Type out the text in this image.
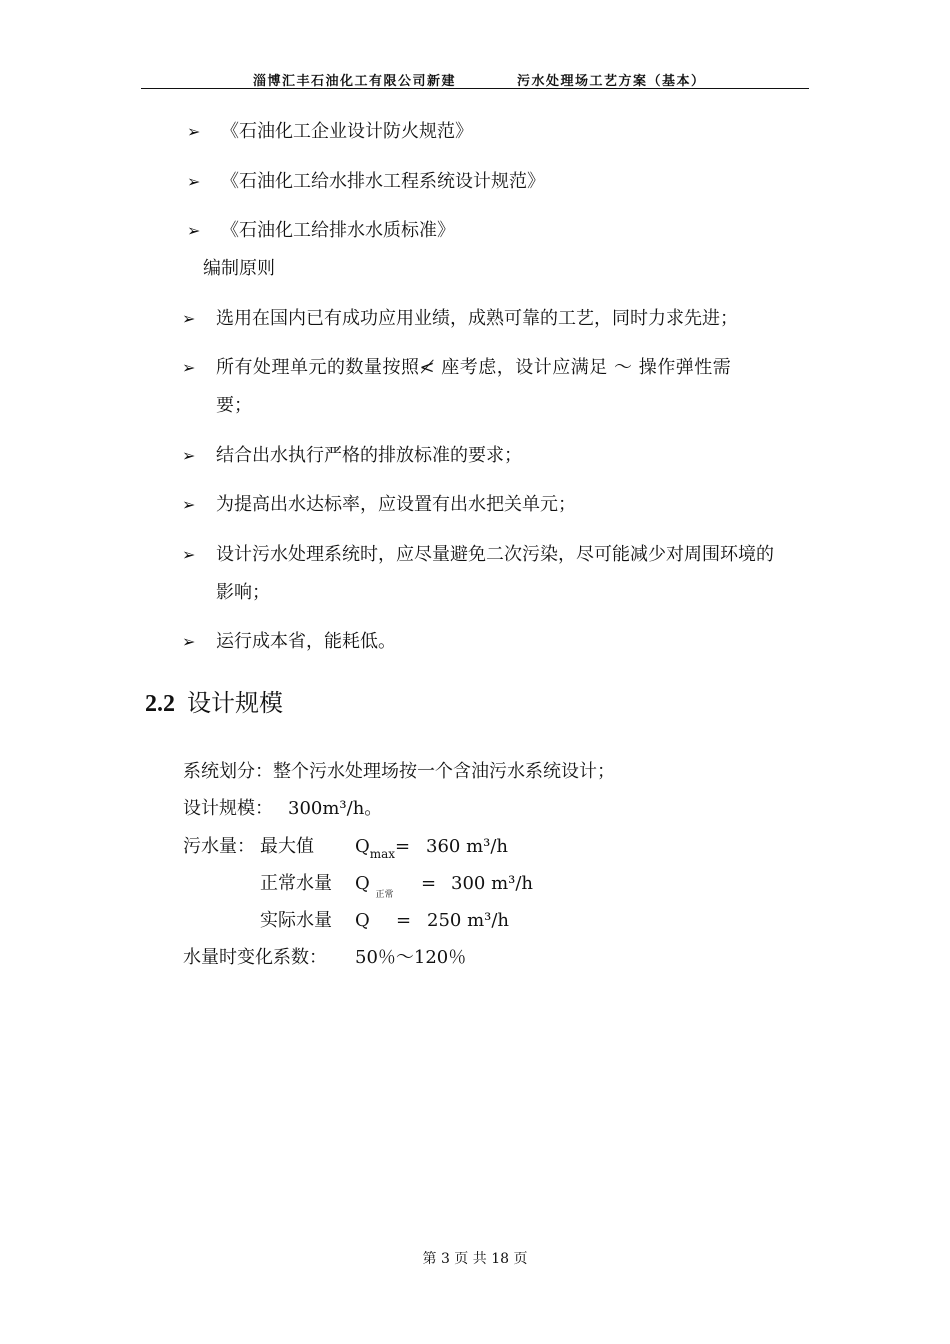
淄博汇丰石油化工有限公司新建	污水处理场工艺方案（基本）
➢ 《石油化工企业设计防火规范》
➢ 《石油化工给水排水工程系统设计规范》
➢ 《石油化工给排水水质标准》
编制原则
➢ 选用在国内已有成功应用业绩，成熟可靠的工艺，同时力求先进；
➢ 所有处理单元的数量按照≮ 座考虑，设计应满足 ～ 操作弹性需
要；
➢ 结合出水执行严格的排放标准的要求；
➢ 为提高出水达标率，应设置有出水把关单元；
➢ 设计污水处理系统时，应尽量避免二次污染，尽可能减少对周围环境的
影响；
➢ 运行成本省，能耗低。
2.2 设计规模
系统划分：整个污水处理场按一个含油污水系统设计；
设计规模： 300m³/h。
污水量： 最大值 $Q_{max} = 360$ m³/h
正常水量 Q $_{正常}$
= 300 m³/h
实际水量 Q = 250 m³/h
水量时变化系数： 50％～120％
第 3 页 共 18 页
